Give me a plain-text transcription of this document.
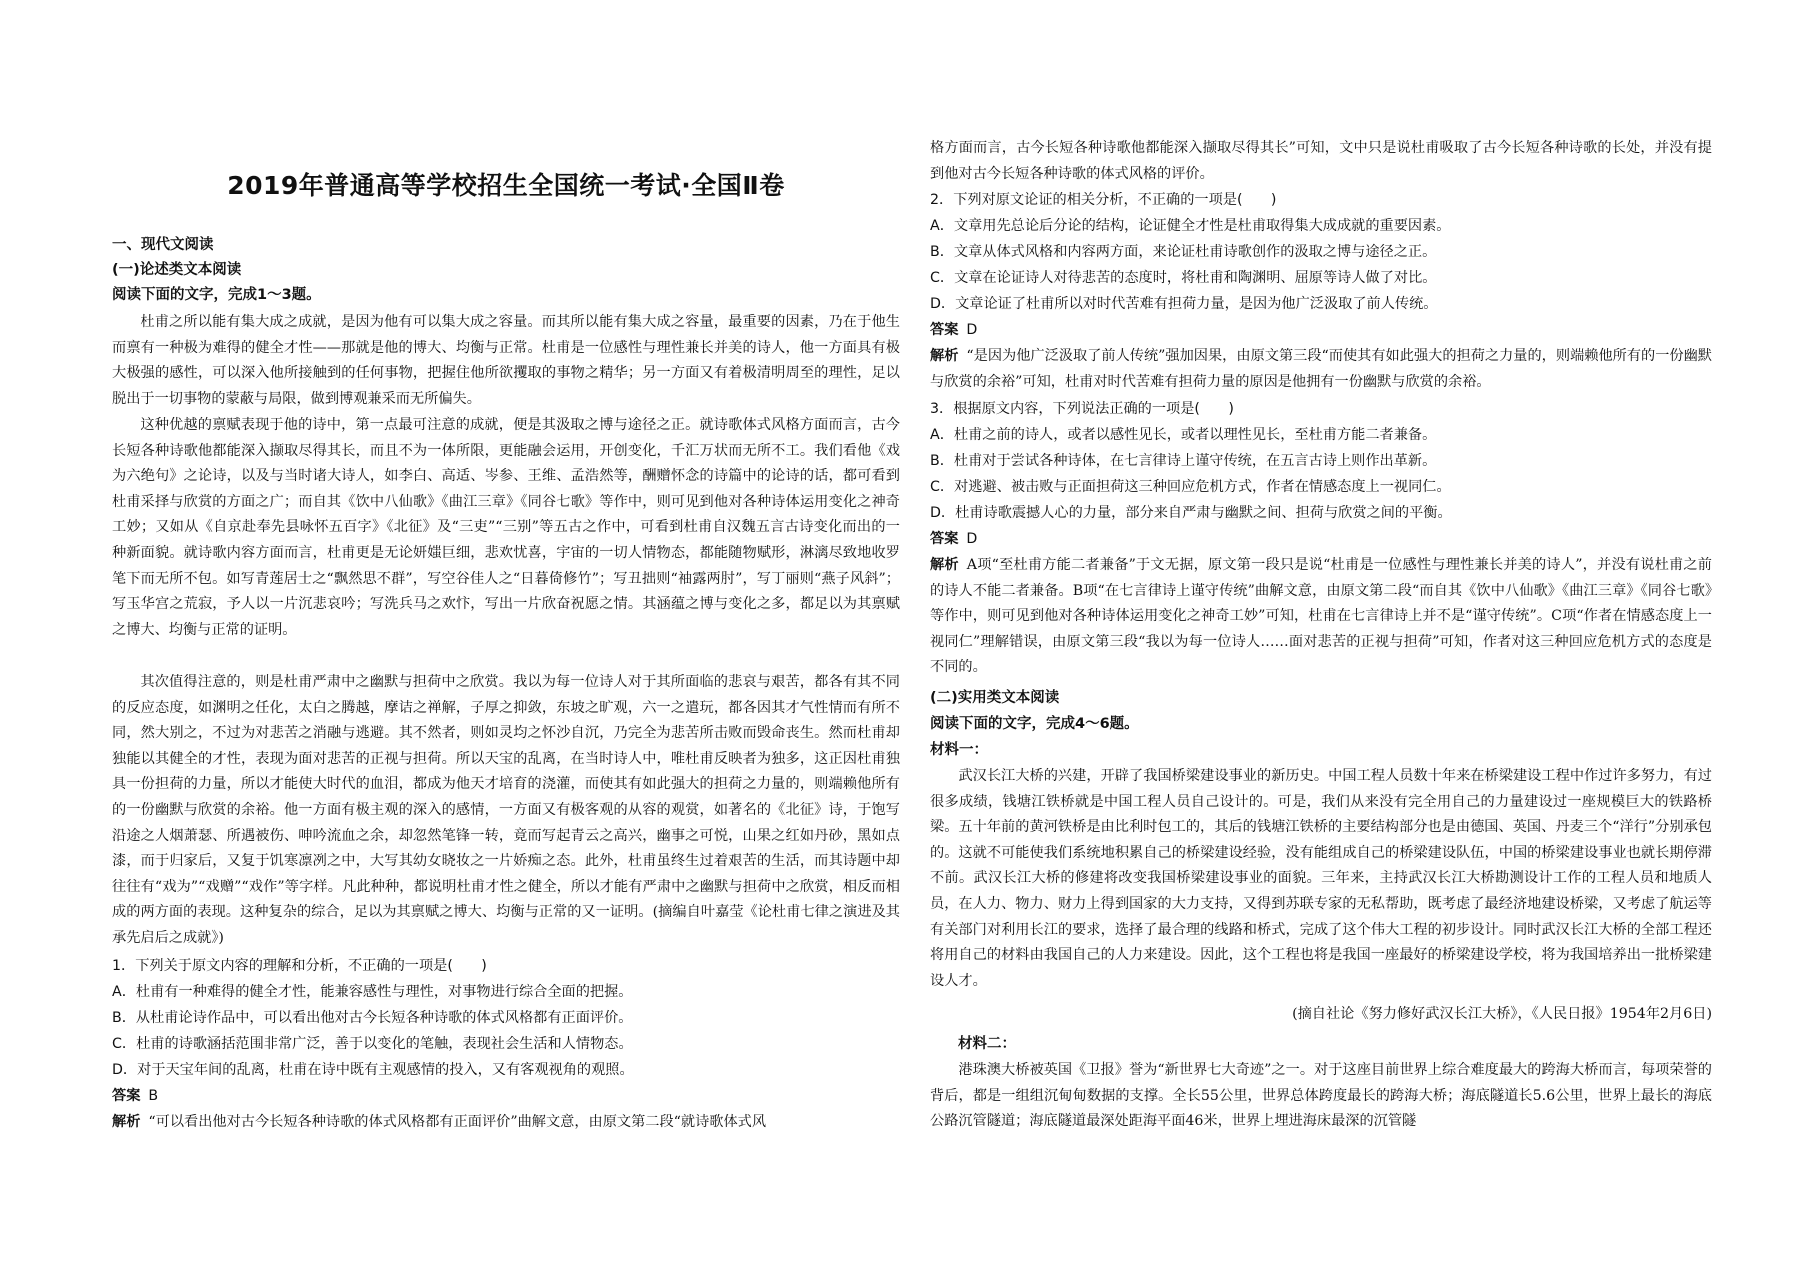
2019年普通高等学校招生全国统一考试·全国Ⅱ卷
一、现代文阅读
(一)论述类文本阅读
阅读下面的文字，完成1～3题。
杜甫之所以能有集大成之成就，是因为他有可以集大成之容量。而其所以能有集大成之容量，最重要的因素，乃在于他生而禀有一种极为难得的健全才性——那就是他的博大、均衡与正常。杜甫是一位感性与理性兼长并美的诗人，他一方面具有极大极强的感性，可以深入他所接触到的任何事物，把握住他所欲攫取的事物之精华；另一方面又有着极清明周至的理性，足以脱出于一切事物的蒙蔽与局限，做到博观兼采而无所偏失。
这种优越的禀赋表现于他的诗中，第一点最可注意的成就，便是其汲取之博与途径之正。就诗歌体式风格方面而言，古今长短各种诗歌他都能深入撷取尽得其长，而且不为一体所限，更能融会运用，开创变化，千汇万状而无所不工。我们看他《戏为六绝句》之论诗，以及与当时诸大诗人，如李白、高适、岑参、王维、孟浩然等，酬赠怀念的诗篇中的论诗的话，都可看到杜甫采择与欣赏的方面之广；而自其《饮中八仙歌》《曲江三章》《同谷七歌》等作中，则可见到他对各种诗体运用变化之神奇工妙；又如从《自京赴奉先县咏怀五百字》《北征》及“三吏”“三别”等五古之作中，可看到杜甫自汉魏五言古诗变化而出的一种新面貌。就诗歌内容方面而言，杜甫更是无论妍媸巨细，悲欢忧喜，宇宙的一切人情物态，都能随物赋形，淋漓尽致地收罗笔下而无所不包。如写青莲居士之“飘然思不群”，写空谷佳人之“日暮倚修竹”；写丑拙则“袖露两肘”，写丁丽则“燕子风斜”；写玉华宫之荒寂，予人以一片沉悲哀吟；写洗兵马之欢忭，写出一片欣奋祝愿之情。其涵蕴之博与变化之多，都足以为其禀赋之博大、均衡与正常的证明。
其次值得注意的，则是杜甫严肃中之幽默与担荷中之欣赏。我以为每一位诗人对于其所面临的悲哀与艰苦，都各有其不同的反应态度，如渊明之任化，太白之腾越，摩诘之禅解，子厚之抑敛，东坡之旷观，六一之遣玩，都各因其才气性情而有所不同，然大别之，不过为对悲苦之消融与逃避。其不然者，则如灵均之怀沙自沉，乃完全为悲苦所击败而毁命丧生。然而杜甫却独能以其健全的才性，表现为面对悲苦的正视与担荷。所以天宝的乱离，在当时诗人中，唯杜甫反映者为独多，这正因杜甫独具一份担荷的力量，所以才能使大时代的血泪，都成为他天才培育的浇灌，而使其有如此强大的担荷之力量的，则端赖他所有的一份幽默与欣赏的余裕。他一方面有极主观的深入的感情，一方面又有极客观的从容的观赏，如著名的《北征》诗，于饱写沿途之人烟萧瑟、所遇被伤、呻吟流血之余，却忽然笔锋一转，竟而写起青云之高兴，幽事之可悦，山果之红如丹砂，黑如点漆，而于归家后，又复于饥寒凛冽之中，大写其幼女晓妆之一片娇痴之态。此外，杜甫虽终生过着艰苦的生活，而其诗题中却往往有“戏为”“戏赠”“戏作”等字样。凡此种种，都说明杜甫才性之健全，所以才能有严肃中之幽默与担荷中之欣赏，相反而相成的两方面的表现。这种复杂的综合，足以为其禀赋之博大、均衡与正常的又一证明。(摘编自叶嘉莹《论杜甫七律之演进及其承先启后之成就》)
1．下列关于原文内容的理解和分析，不正确的一项是(　　)
A．杜甫有一种难得的健全才性，能兼容感性与理性，对事物进行综合全面的把握。
B．从杜甫论诗作品中，可以看出他对古今长短各种诗歌的体式风格都有正面评价。
C．杜甫的诗歌涵括范围非常广泛，善于以变化的笔触，表现社会生活和人情物态。
D．对于天宝年间的乱离，杜甫在诗中既有主观感情的投入，又有客观视角的观照。
答案 B
解析 “可以看出他对古今长短各种诗歌的体式风格都有正面评价”曲解文意，由原文第二段“就诗歌体式风
格方面而言，古今长短各种诗歌他都能深入撷取尽得其长”可知，文中只是说杜甫吸取了古今长短各种诗歌的长处，并没有提到他对古今长短各种诗歌的体式风格的评价。
2．下列对原文论证的相关分析，不正确的一项是(　　)
A．文章用先总论后分论的结构，论证健全才性是杜甫取得集大成成就的重要因素。
B．文章从体式风格和内容两方面，来论证杜甫诗歌创作的汲取之博与途径之正。
C．文章在论证诗人对待悲苦的态度时，将杜甫和陶渊明、屈原等诗人做了对比。
D．文章论证了杜甫所以对时代苦难有担荷力量，是因为他广泛汲取了前人传统。
答案 D
解析 “是因为他广泛汲取了前人传统”强加因果，由原文第三段“而使其有如此强大的担荷之力量的，则端赖他所有的一份幽默与欣赏的余裕”可知，杜甫对时代苦难有担荷力量的原因是他拥有一份幽默与欣赏的余裕。
3．根据原文内容，下列说法正确的一项是(　　)
A．杜甫之前的诗人，或者以感性见长，或者以理性见长，至杜甫方能二者兼备。
B．杜甫对于尝试各种诗体，在七言律诗上谨守传统，在五言古诗上则作出革新。
C．对逃避、被击败与正面担荷这三种回应危机方式，作者在情感态度上一视同仁。
D．杜甫诗歌震撼人心的力量，部分来自严肃与幽默之间、担荷与欣赏之间的平衡。
答案 D
解析 A项“至杜甫方能二者兼备”于文无据，原文第一段只是说“杜甫是一位感性与理性兼长并美的诗人”，并没有说杜甫之前的诗人不能二者兼备。B项“在七言律诗上谨守传统”曲解文意，由原文第二段“而自其《饮中八仙歌》《曲江三章》《同谷七歌》等作中，则可见到他对各种诗体运用变化之神奇工妙”可知，杜甫在七言律诗上并不是“谨守传统”。C项“作者在情感态度上一视同仁”理解错误，由原文第三段“我以为每一位诗人……面对悲苦的正视与担荷”可知，作者对这三种回应危机方式的态度是不同的。
(二)实用类文本阅读
阅读下面的文字，完成4～6题。
材料一：
武汉长江大桥的兴建，开辟了我国桥梁建设事业的新历史。中国工程人员数十年来在桥梁建设工程中作过许多努力，有过很多成绩，钱塘江铁桥就是中国工程人员自己设计的。可是，我们从来没有完全用自己的力量建设过一座规模巨大的铁路桥梁。五十年前的黄河铁桥是由比利时包工的，其后的钱塘江铁桥的主要结构部分也是由德国、英国、丹麦三个“洋行”分别承包的。这就不可能使我们系统地积累自己的桥梁建设经验，没有能组成自己的桥梁建设队伍，中国的桥梁建设事业也就长期停滞不前。武汉长江大桥的修建将改变我国桥梁建设事业的面貌。三年来，主持武汉长江大桥勘测设计工作的工程人员和地质人员，在人力、物力、财力上得到国家的大力支持，又得到苏联专家的无私帮助，既考虑了最经济地建设桥梁，又考虑了航运等有关部门对利用长江的要求，选择了最合理的线路和桥式，完成了这个伟大工程的初步设计。同时武汉长江大桥的全部工程还将用自己的材料由我国自己的人力来建设。因此，这个工程也将是我国一座最好的桥梁建设学校，将为我国培养出一批桥梁建设人才。
(摘自社论《努力修好武汉长江大桥》，《人民日报》1954年2月6日)
材料二：
港珠澳大桥被英国《卫报》誉为“新世界七大奇迹”之一。对于这座目前世界上综合难度最大的跨海大桥而言，每项荣誉的背后，都是一组组沉甸甸数据的支撑。全长55公里，世界总体跨度最长的跨海大桥；海底隧道长5.6公里，世界上最长的海底公路沉管隧道；海底隧道最深处距海平面46米，世界上埋进海床最深的沉管隧
